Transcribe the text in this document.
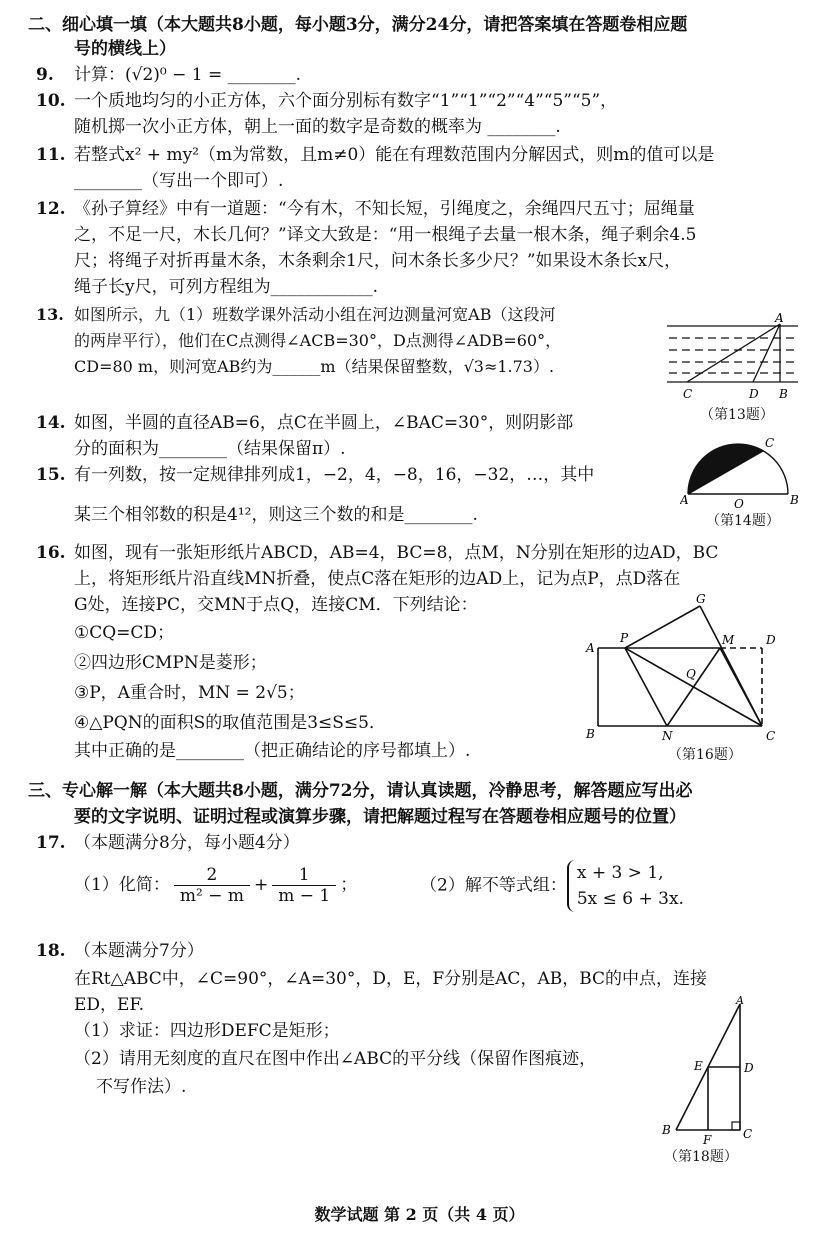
二、细心填一填（本大题共8小题，每小题3分，满分24分，请把答案填在答题卷相应题
号的横线上）
9. 计算：(√2)⁰ − 1 = ________.
10. 一个质地均匀的小正方体，六个面分别标有数字“1”“1”“2”“4”“5”“5”，
随机掷一次小正方体，朝上一面的数字是奇数的概率为 ________.
11. 若整式x² + my²（m为常数，且m≠0）能在有理数范围内分解因式，则m的值可以是
________（写出一个即可）.
12. 《孙子算经》中有一道题：“今有木，不知长短，引绳度之，余绳四尺五寸；屈绳量
之，不足一尺，木长几何？”译文大致是：“用一根绳子去量一根木条，绳子剩余4.5
尺；将绳子对折再量木条，木条剩余1尺，问木条长多少尺？”如果设木条长x尺，
绳子长y尺，可列方程组为____________.
13. 如图所示，九（1）班数学课外活动小组在河边测量河宽AB（这段河
的两岸平行），他们在C点测得∠ACB=30°，D点测得∠ADB=60°，
CD=80 m，则河宽AB约为______m（结果保留整数，√3≈1.73）.
A
C	D B
（第13题）
14. 如图，半圆的直径AB=6，点C在半圆上，∠BAC=30°，则阴影部
分的面积为________（结果保留π）.
A	O	B
C
15. 有一列数，按一定规律排列成1，−2，4，−8，16，−32，…，其中
某三个相邻数的积是4¹²，则这三个数的和是________.	（第14题）
16. 如图，现有一张矩形纸片ABCD，AB=4，BC=8，点M，N分别在矩形的边AD，BC
上，将矩形纸片沿直线MN折叠，使点C落在矩形的边AD上，记为点P，点D落在
G处，连接PC，交MN于点Q，连接CM．下列结论：
①CQ=CD；
②四边形CMPN是菱形；
③P，A重合时，MN = 2√5；
④△PQN的面积S的取值范围是3≤S≤5．
其中正确的是________（把正确结论的序号都填上）.
A
P	M	D
G
Q
B	N	C
（第16题）
三、专心解一解（本大题共8小题，满分72分，请认真读题，冷静思考，解答题应写出必
要的文字说明、证明过程或演算步骤，请把解题过程写在答题卷相应题号的位置）
17. （本题满分8分，每小题4分）
（1）化简： $\frac{2}{\text{m² − m}} + \frac{1}{m - 1}$ ；	（2）解不等式组：
x + 3 > 1,
5x ≤ 6 + 3x.
18. （本题满分7分）
在Rt△ABC中，∠C=90°，∠A=30°，D，E，F分别是AC，AB，BC的中点，连接
ED，EF.
（1）求证：四边形DEFC是矩形；
（2）请用无刻度的直尺在图中作出∠ABC的平分线（保留作图痕迹，
不写作法）.
A
E	D
B
F	C
（第18题）
数学试题 第 2 页（共 4 页）
